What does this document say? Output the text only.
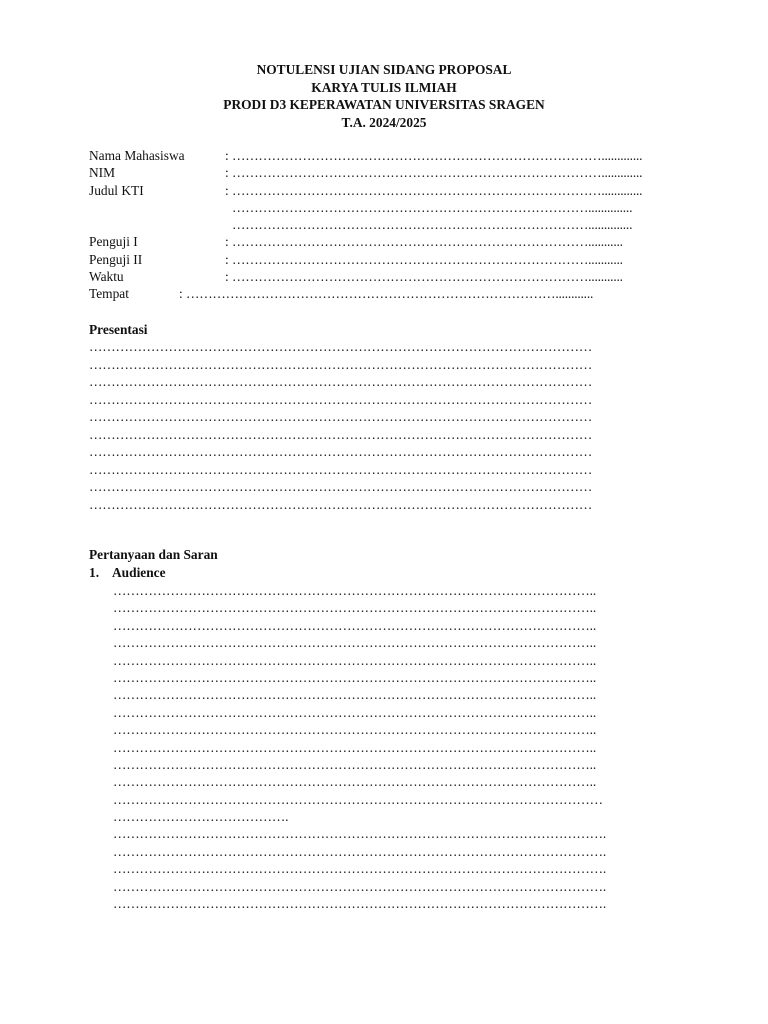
NOTULENSI UJIAN SIDANG PROPOSAL
KARYA TULIS ILMIAH
PRODI D3 KEPERAWATAN UNIVERSITAS SRAGEN
T.A. 2024/2025
Nama Mahasiswa	: ………………………………………………………………………….............
NIM	: ………………………………………………………………………….............
Judul KTI	: ………………………………………………………………………….............
………………………………………………………………………..............
………………………………………………………………………..............
Penguji I	: ………………………………………………………………………...........
Penguji II	: ………………………………………………………………………...........
Waktu	: ………………………………………………………………………...........
Tempat	: …………………………………………………………………………............
Presentasi
……………………………………………………………………………………………………
……………………………………………………………………………………………………
……………………………………………………………………………………………………
……………………………………………………………………………………………………
……………………………………………………………………………………………………
……………………………………………………………………………………………………
……………………………………………………………………………………………………
……………………………………………………………………………………………………
……………………………………………………………………………………………………
……………………………………………………………………………………………………
Pertanyaan dan Saran
1. Audience
………………………………………………………………………………………………..
………………………………………………………………………………………………..
………………………………………………………………………………………………..
………………………………………………………………………………………………..
………………………………………………………………………………………………..
………………………………………………………………………………………………..
………………………………………………………………………………………………..
………………………………………………………………………………………………..
………………………………………………………………………………………………..
………………………………………………………………………………………………..
………………………………………………………………………………………………..
………………………………………………………………………………………………..
…………………………………………………………………………………………………
………………………………….
………………………………………………………………………………………………….
………………………………………………………………………………………………….
………………………………………………………………………………………………….
………………………………………………………………………………………………….
………………………………………………………………………………………………….
